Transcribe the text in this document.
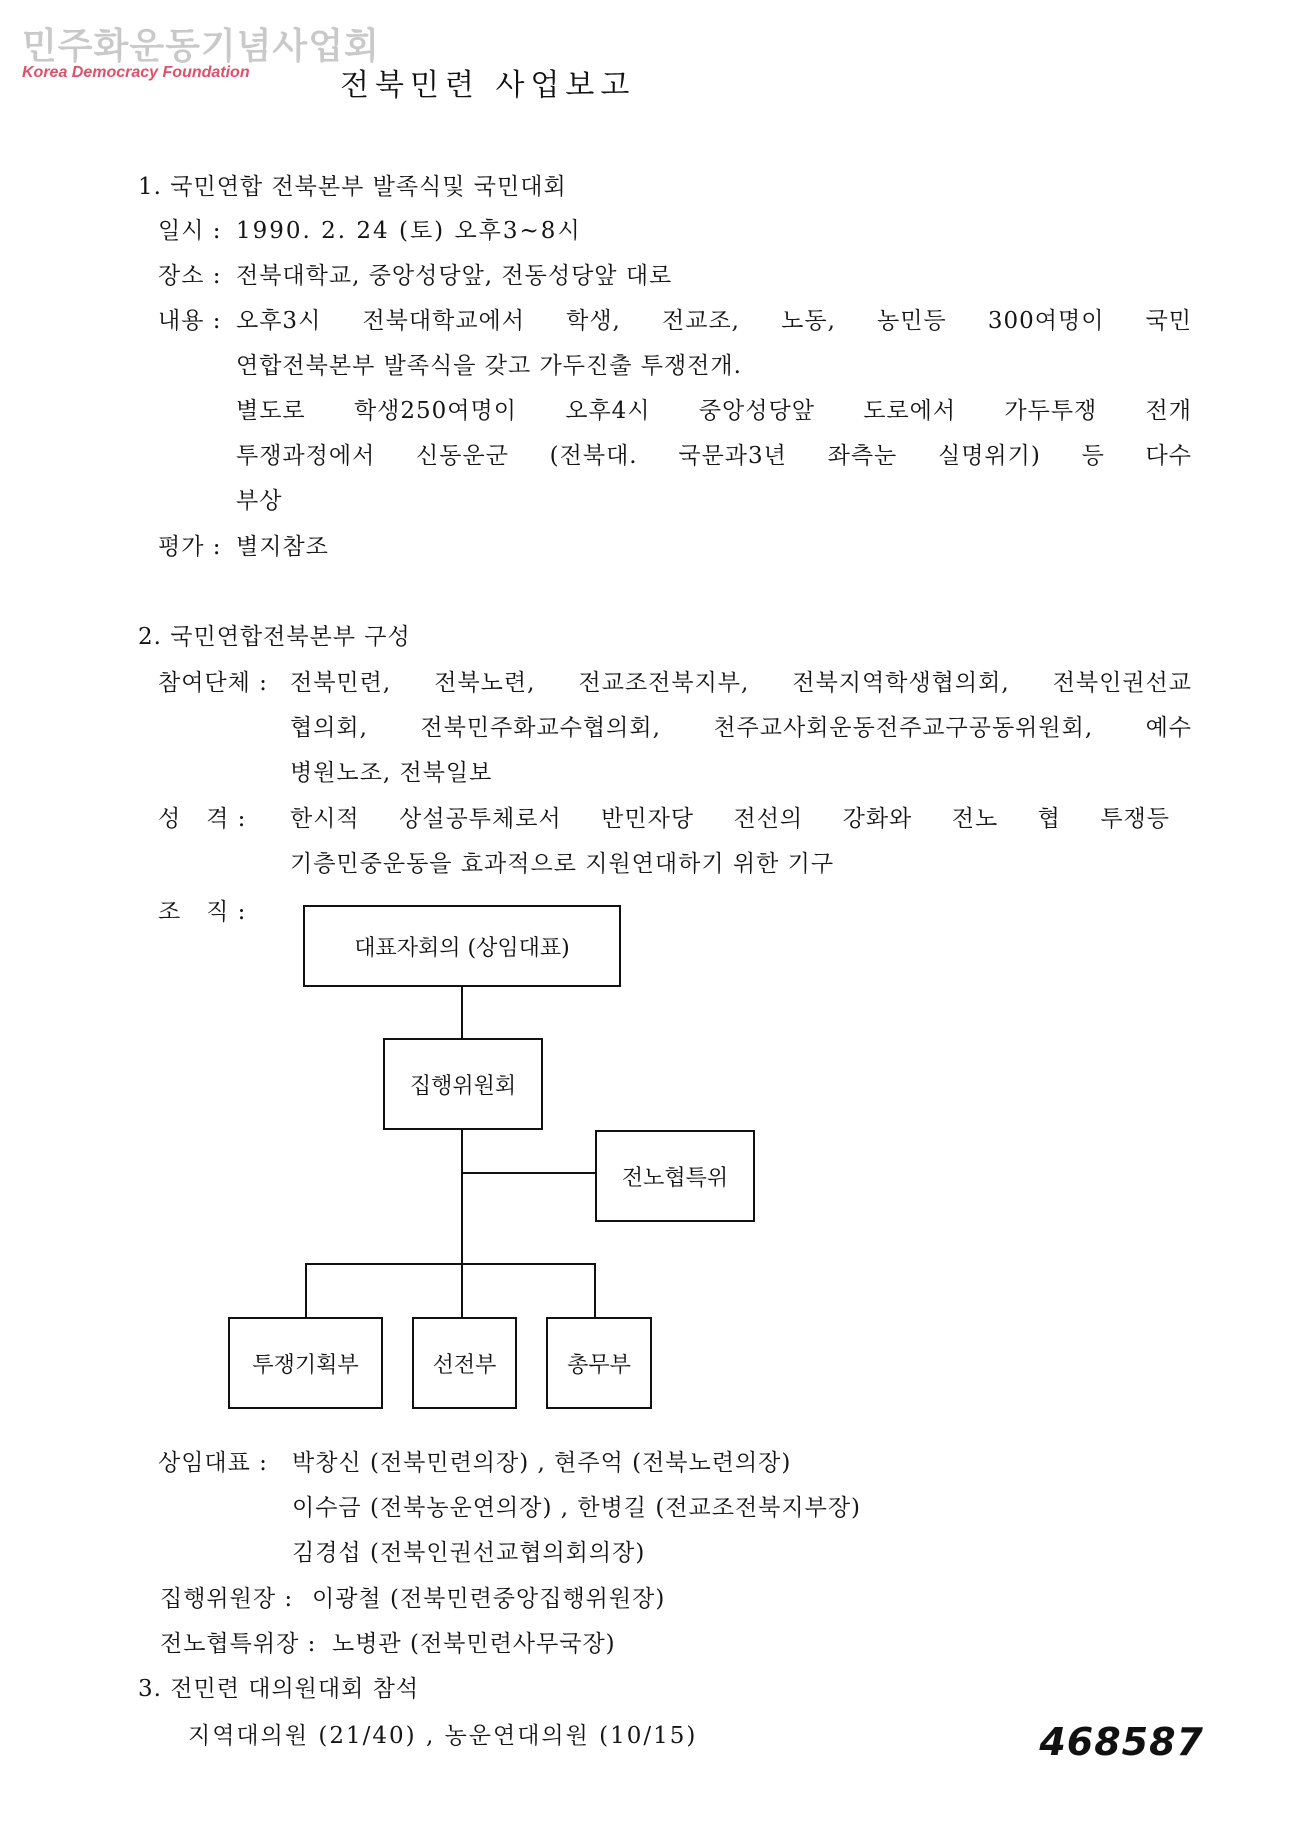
민주화운동기념사업회
Korea Democracy Foundation	전북민련 사업보고
1. 국민연합 전북본부 발족식및 국민대회
일시 : 1990. 2. 24 (토) 오후3~8시
장소 : 전북대학교, 중앙성당앞, 전동성당앞 대로
내용 : 오후3시 전북대학교에서 학생, 전교조, 노동, 농민등 300여명이 국민
연합전북본부 발족식을 갖고 가두진출 투쟁전개.
별도로 학생250여명이 오후4시 중앙성당앞 도로에서 가두투쟁 전개
투쟁과정에서 신동운군 (전북대. 국문과3년 좌측눈 실명위기) 등 다수
부상
평가 : 별지참조
2. 국민연합전북본부 구성
참여단체 : 전북민련, 전북노련, 전교조전북지부, 전북지역학생협의회, 전북인권선교
협의회, 전북민주화교수협의회, 천주교사회운동전주교구공동위원회, 예수
병원노조, 전북일보
성   격 : 한시적 상설공투체로서 반민자당 전선의 강화와 전노 협 투쟁등
기층민중운동을 효과적으로 지원연대하기 위한 기구
조   직 :
대표자회의 (상임대표)
집행위원회
전노협특위
투쟁기획부	선전부	총무부
상임대표 : 박창신 (전북민련의장) , 현주억 (전북노련의장)
이수금 (전북농운연의장) , 한병길 (전교조전북지부장)
김경섭 (전북인권선교협의회의장)
집행위원장 : 이광철 (전북민련중앙집행위원장)
전노협특위장 : 노병관 (전북민련사무국장)
3. 전민련 대의원대회 참석
지역대의원 (21/40) , 농운연대의원 (10/15)	468587
